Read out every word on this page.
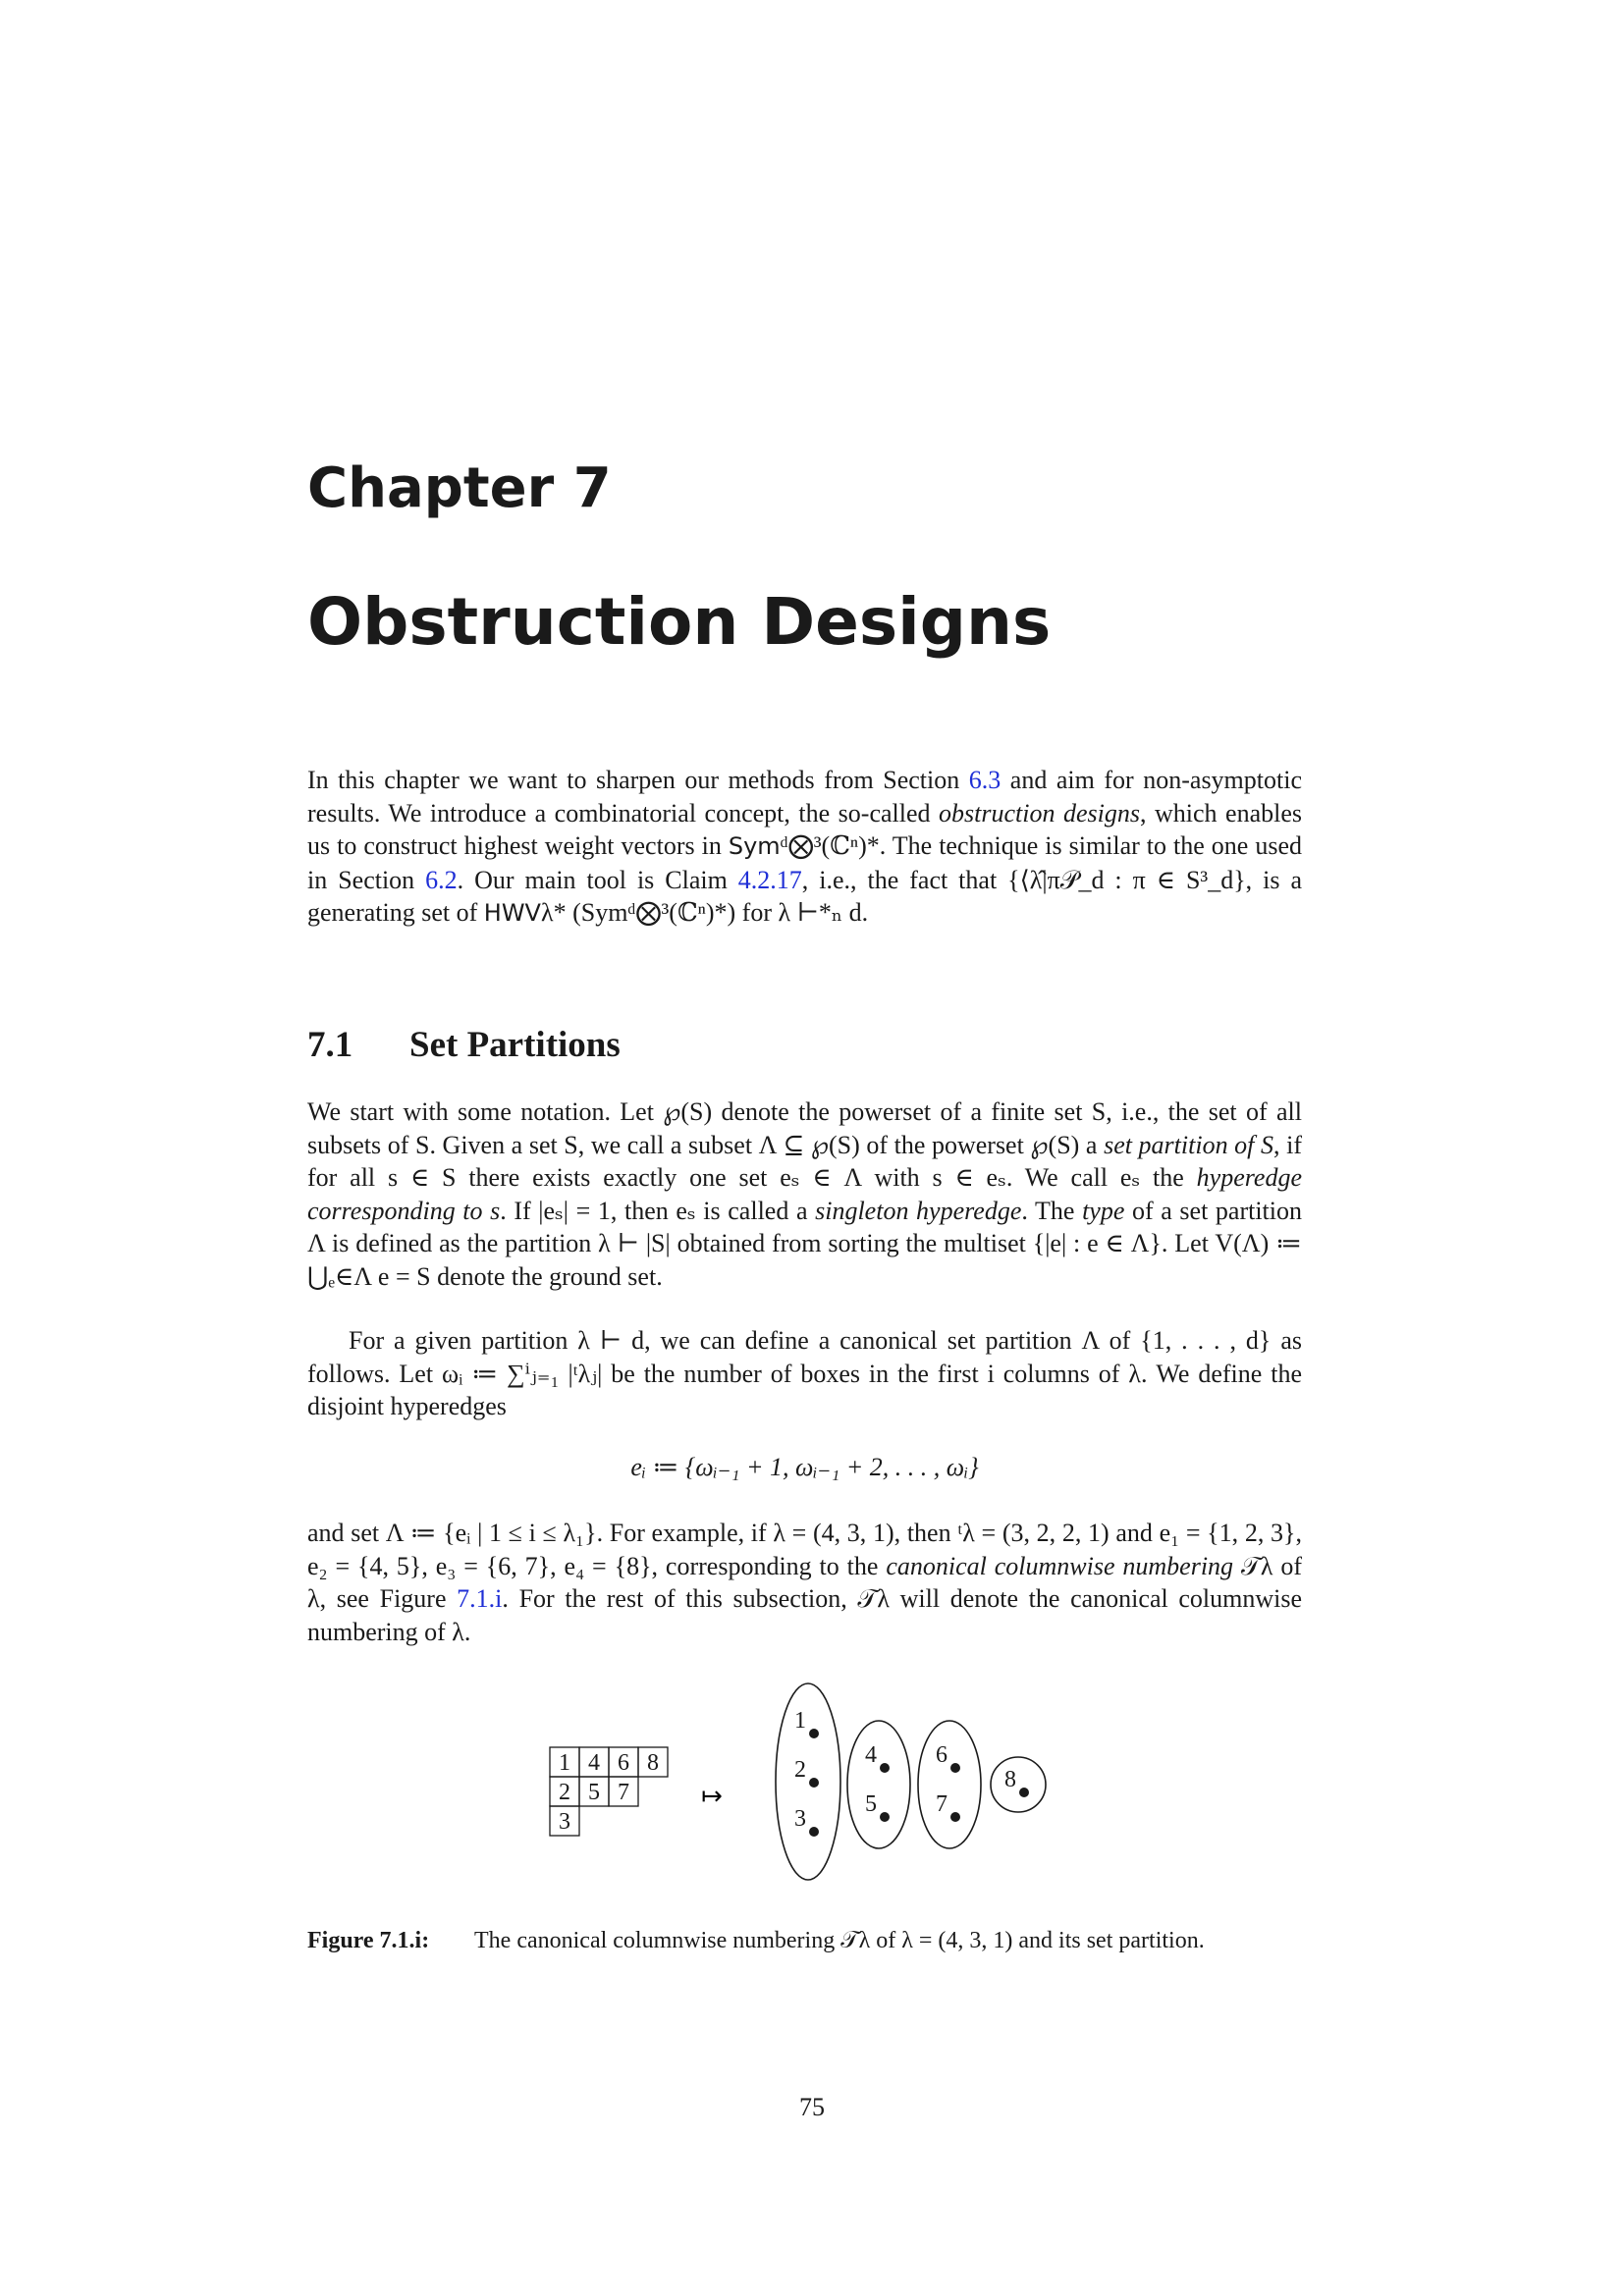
Chapter 7
Obstruction Designs
In this chapter we want to sharpen our methods from Section 6.3 and aim for non-asymptotic results. We introduce a combinatorial concept, the so-called obstruction designs, which enables us to construct highest weight vectors in Symᵈ⨂³(ℂⁿ)*. The technique is similar to the one used in Section 6.2. Our main tool is Claim 4.2.17, i.e., the fact that {⟨λ̂|π𝒫_d : π ∈ S³_d}, is a generating set of HWVλ* (Symᵈ⨂³(ℂⁿ)*) for λ ⊢*ₙ d.
7.1 Set Partitions
We start with some notation. Let ℘(S) denote the powerset of a finite set S, i.e., the set of all subsets of S. Given a set S, we call a subset Λ ⊆ ℘(S) of the powerset ℘(S) a set partition of S, if for all s ∈ S there exists exactly one set eₛ ∈ Λ with s ∈ eₛ. We call eₛ the hyperedge corresponding to s. If |eₛ| = 1, then eₛ is called a singleton hyperedge. The type of a set partition Λ is defined as the partition λ ⊢ |S| obtained from sorting the multiset {|e| : e ∈ Λ}. Let V(Λ) ≔ ⋃ₑ∈Λ e = S denote the ground set.
For a given partition λ ⊢ d, we can define a canonical set partition Λ of {1, . . . , d} as follows. Let ωᵢ ≔ ∑ⁱⱼ₌₁ |ᵗλⱼ| be the number of boxes in the first i columns of λ. We define the disjoint hyperedges
eᵢ ≔ {ωᵢ₋₁ + 1, ωᵢ₋₁ + 2, . . . , ωᵢ}
and set Λ ≔ {eᵢ | 1 ≤ i ≤ λ₁}. For example, if λ = (4, 3, 1), then ᵗλ = (3, 2, 2, 1) and e₁ = {1, 2, 3}, e₂ = {4, 5}, e₃ = {6, 7}, e₄ = {8}, corresponding to the canonical columnwise numbering 𝒯λ of λ, see Figure 7.1.i. For the rest of this subsection, 𝒯λ will denote the canonical columnwise numbering of λ.
1 4 6 8
2 5 7
3
↦
1
2
3
4
5
6
7
8
Figure 7.1.i: The canonical columnwise numbering 𝒯λ of λ = (4, 3, 1) and its set partition.
75
